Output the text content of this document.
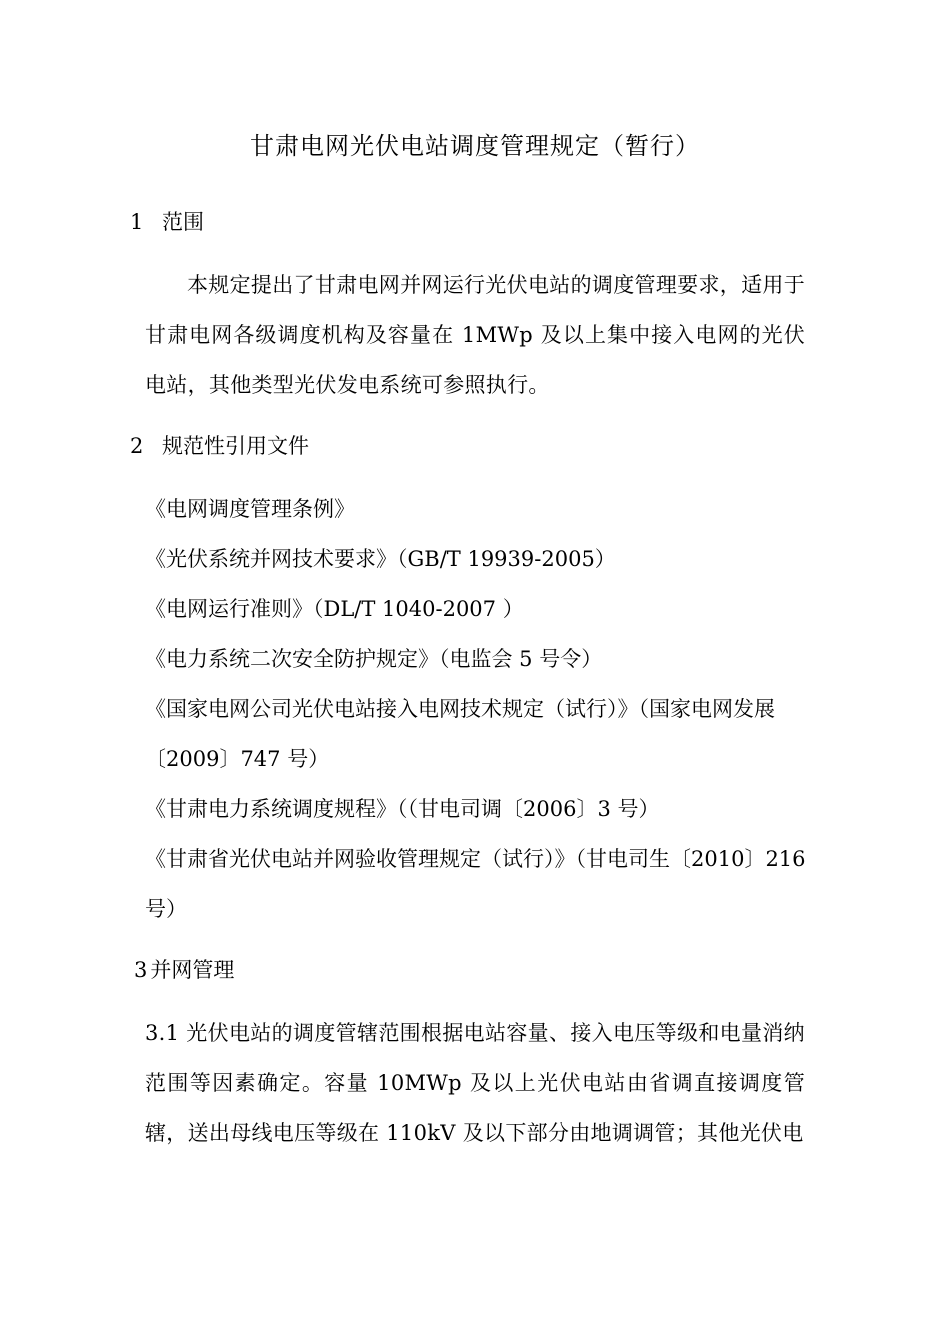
甘肃电网光伏电站调度管理规定（暂行）
1 范围
本规定提出了甘肃电网并网运行光伏电站的调度管理要求，适用于甘肃电网各级调度机构及容量在 1MWp 及以上集中接入电网的光伏电站，其他类型光伏发电系统可参照执行。
2 规范性引用文件
《电网调度管理条例》
《光伏系统并网技术要求》（GB/T 19939-2005）
《电网运行准则》（DL/T 1040-2007 ）
《电力系统二次安全防护规定》（电监会 5 号令）
《国家电网公司光伏电站接入电网技术规定（试行）》（国家电网发展〔2009〕747 号）
《甘肃电力系统调度规程》（（甘电司调〔2006〕3 号）
《甘肃省光伏电站并网验收管理规定（试行）》（甘电司生〔2010〕216 号）
3 并网管理
3.1 光伏电站的调度管辖范围根据电站容量、接入电压等级和电量消纳范围等因素确定。容量 10MWp 及以上光伏电站由省调直接调度管辖，送出母线电压等级在 110kV 及以下部分由地调调管；其他光伏电
